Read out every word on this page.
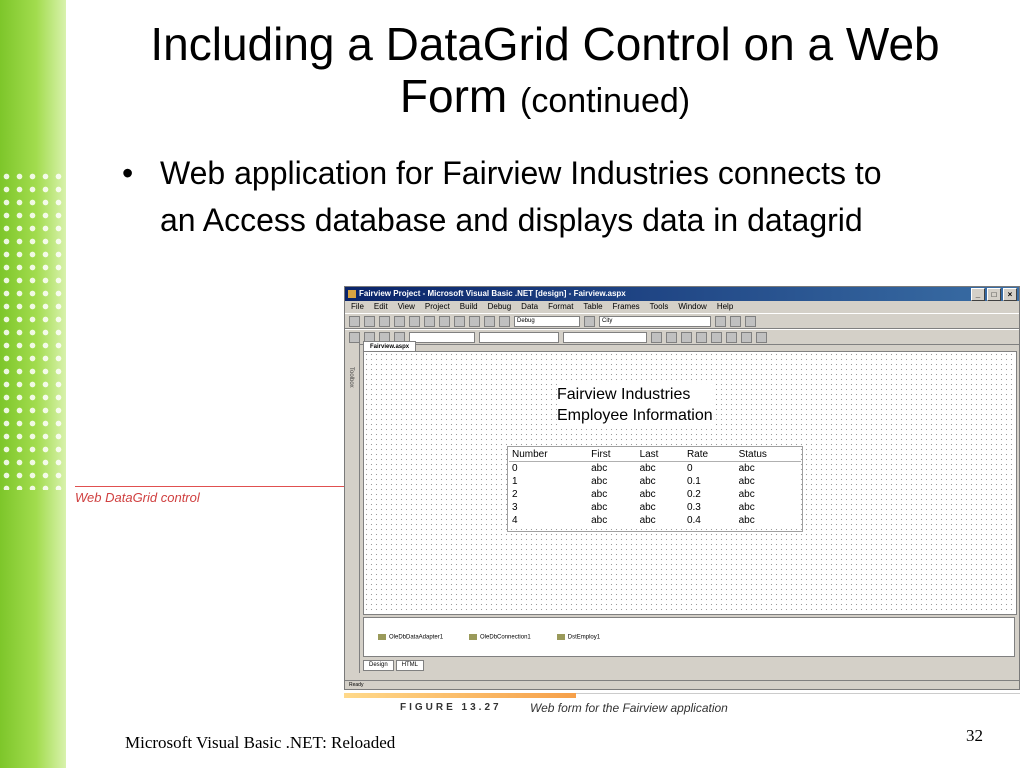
Including a DataGrid Control on a Web
Form (continued)
• Web application for Fairview Industries connects to an Access database and displays data in datagrid
Web DataGrid control
Fairview Project - Microsoft Visual Basic .NET [design] - Fairview.aspx	_	□	×
File Edit View Project Build Debug Data Format Table Frames Tools Window Help
Debug	City
Toolbox
Fairview.aspx
Fairview Industries
Employee Information
Number	First	Last	Rate	Status
0	abc	abc	0	abc
1	abc	abc	0.1	abc
2	abc	abc	0.2	abc
3	abc	abc	0.3	abc
4	abc	abc	0.4	abc
OleDbDataAdapter1	OleDbConnection1	DstEmploy1
Design	HTML
Ready
FIGURE 13.27 Web form for the Fairview application
Microsoft Visual Basic .NET: Reloaded	32
